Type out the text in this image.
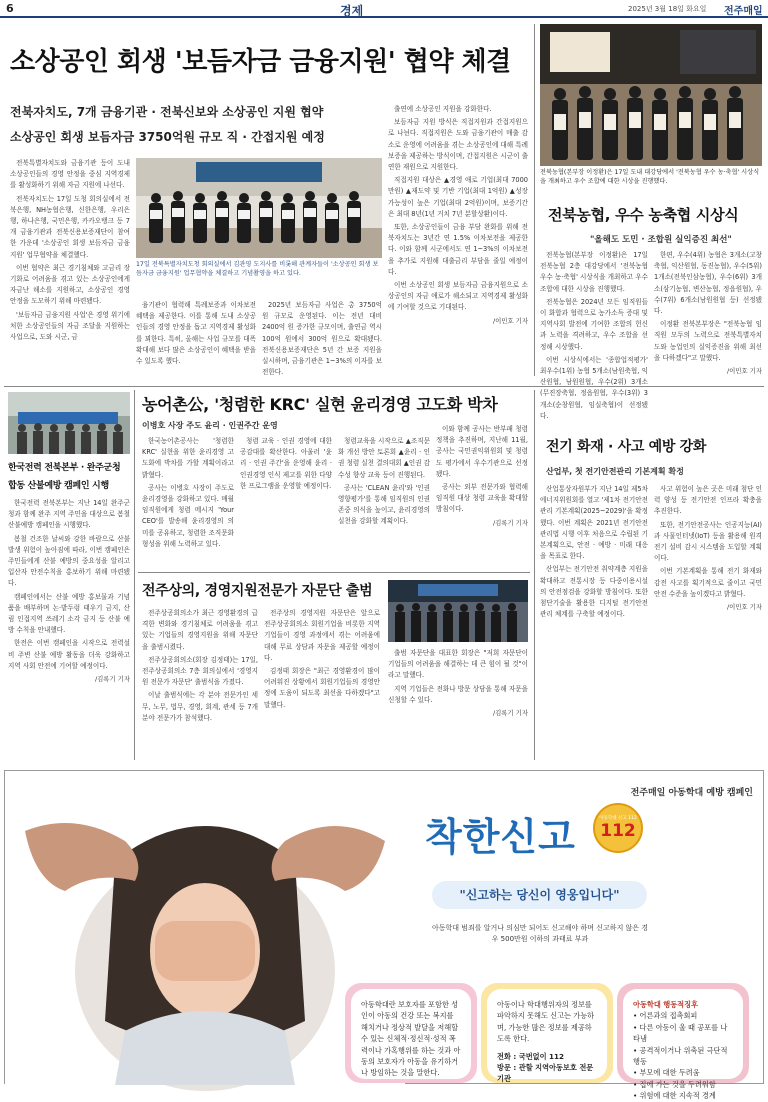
6	경제	2025년 3월 18일 화요일 전주매일
소상공인 회생 '보듬자금 금융지원' 협약 체결
전북자치도, 7개 금융기관 · 전북신보와 소상공인 지원 협약
소상공인 회생 보듬자금 3750억원 규모 직 · 간접지원 예정

전북특별자치도와 금융기관 등이 도내 소상공인들의 경영 안정을 중심 지역경제를 활성화하기 위해 자금 지원에 나선다.

전북자치도는 17일 도청 회의실에서 전북은행, NH농협은행, 신한은행, 우리은행, 하나은행, 국민은행, 카카오뱅크 등 7개 금융기관과 전북신용보증재단이 참여한 가운데 '소상공인 회생 보듬자금 금융지원' 업무협약을 체결했다.

이번 협약은 최근 경기침체와 고금리 장기화로 어려움을 겪고 있는 소상공인에게 자금난 해소를 지원하고, 소상공인 경영 안정을 도모하기 위해 마련됐다.

'보듬자금 금융지원 사업'은 경영 위기에 처한 소상공인들의 자금 조달을 지원하는 사업으로, 도와 시군, 금

17일 전북특별자치도청 회의실에서 김관영 도지사를 비롯해 관계자들이 '소상공인 회생 보듬자금 금융지원' 업무협약을 체결하고 기념촬영을 하고 있다.

융기관이 협력해 특례보증과 이차보전 혜택을 제공한다. 이를 통해 도내 소상공인들의 경영 안정을 돕고 지역경제 활성화를 꾀한다. 특히, 올해는 사업 규모를 대폭 확대해 보다 많은 소상공인이 혜택을 받을 수 있도록 했다.

2025년 보듬자금 사업은 총 3750억 원 규모로 운영된다. 이는 전년 대비 2400억 원 증가한 규모이며, 출연금 역시 100억 원에서 300억 원으로 확대됐다. 전북신용보증재단은 5년 간 보증 지원을 실시하며, 금융기관은 1~3%의 이자를 보전한다.

출연에 소상공인 지원을 강화한다.

보듬자금 지원 방식은 직접지원과 간접지원으로 나뉜다. 직접지원은 도와 금융기관이 매출 감소로 운영에 어려움을 겪는 소상공인에 대해 특례보증을 제공하는 방식이며, 간접지원은 시군이 출연한 재원으로 지원한다.

직접지원 대상은 ▲경영 애로 기업(최대 7000만원) ▲재도약 및 기반 기업(최대 1억원) ▲성장 가능성이 높은 기업(최대 2억원)이며, 보증기간은 최대 8년(1년 거치 7년 분할상환)이다.

또한, 소상공인들이 금융 부담 완화를 위해 전북자치도는 3년간 연 1.5% 이차보전을 제공한다. 이와 함께 시군에서도 연 1~3%의 이차보전을 추가로 지원해 대출금리 부담을 줄일 예정이다.

이번 소상공인 회생 보듬자금 금융지원으로 소상공인의 자금 애로가 해소되고 지역경제 활성화에 기여할 것으로 기대된다.

/이민호 기자
전북농협(본부장 이정환)은 17일 도내 대강당에서 '전북농협 우수 농·축협' 시상식을 개최하고 우수 조합에 대한 시상을 진행했다.
전북농협, 우수 농축협 시상식
"올해도 도민 · 조합원 실익증진 최선"

전북농협(본부장 이정환)은 17일 전북농협 2층 대강당에서 '전북농협 우수 농·축협' 시상식을 개최하고 우수 조합에 대한 시상을 진행했다.

전북농협은 2024년 모든 임직원들이 화합과 협력으로 농가소득 증대 및 지역사회 발전에 기여한 조합의 헌신과 노력을 격려하고, 우수 조합을 선정해 시상했다.

이번 시상식에서는 '종합업적평가' 최우수(1위) 농협 5개소(남원축협, 익산원협, 남원원협, 우수(2위) 3개소(무진장축협, 정읍원협, 우수(3위) 3개소(순창원협, 임실축협)이 선정됐다.

한편, 우수(4위) 농협은 3개소(고창축협, 익산원협, 동진농협), 우수(5위) 1개소(전북인삼농협), 우수(6위) 3개소(삼기농협, 변산농협, 정읍원협), 우수(7위) 6개소(남원원협 등) 선정됐다.

이정환 전북본부장은 "전북농협 임직원 모두의 노력으로 전북특별자치도와 농업인의 실익증진을 위해 최선을 다하겠다"고 말했다.

/이민호 기자
한국전력 전북본부 · 완주군청
합동 산불예방 캠페인 시행

한국전력 전북본부는 지난 14일 완주군청과 함께 완주 지역 주민을 대상으로 봄철 산불예방 캠페인을 시행했다.

봄철 건조한 날씨와 강한 바람으로 산불 발생 위험이 높아짐에 따라, 이번 캠페인은 주민들에게 산불 예방의 중요성을 알리고 입산자 안전수칙을 홍보하기 위해 마련됐다.

캠페인에서는 산불 예방 홍보물과 기념품을 배부하며 논·밭두렁 태우기 금지, 산림 인접지역 쓰레기 소각 금지 등 산불 예방 수칙을 안내했다.

한전은 이번 캠페인을 시작으로 전력설비 주변 산불 예방 활동을 더욱 강화하고 지역 사회 안전에 기여할 예정이다.

/김록기 기자
농어촌公, '청렴한 KRC' 실현 윤리경영 고도화 박차
이병호 사장 주도 윤리 · 인권주간 운영

한국농어촌공사는 '청렴한 KRC' 실현을 위한 윤리경영 고도화에 박차를 가할 계획이라고 밝혔다.

공사는 이병호 사장이 주도로 윤리경영을 강화하고 있다. 매월 임직원에게 청렴 메시지 'Your CEO'를 발송해 윤리경영의 의미를 공유하고, 청렴한 조직문화 형성을 위해 노력하고 있다.

청렴 교육 · 인권 경영에 대한 공감대를 확산한다. 아울러 '윤리 · 인권 주간'을 운영해 윤리 · 인권경영 인식 제고를 위한 다양한 프로그램을 운영할 예정이다.

청렴교육을 시작으로 ▲조직문화 개선 방안 토론회 ▲윤리 · 인권 청렴 실천 결의대회 ▲인권 감수성 향상 교육 등이 진행된다.

공사는 'CLEAN 윤리'와 '인권 영향평가'를 통해 임직원의 인권 존중 의식을 높이고, 윤리경영의 실천을 강화할 계획이다.

이와 함께 공사는 반부패 청렴 정책을 추진하며, 지난해 11월, 공사는 국민권익위원회 및 청렴도 평가에서 우수기관으로 선정됐다.

공사는 외부 전문가와 협력해 임직원 대상 청렴 교육을 확대할 방침이다.

/김록기 기자
전주상의, 경영지원전문가 자문단 출범

전주상공회의소가 최근 경영환경의 급격한 변화와 경기침체로 어려움을 겪고 있는 기업들의 경영지원을 위해 자문단을 출범시켰다.

전주상공회의소(회장 김정태)는 17일, 전주상공회의소 7층 회의실에서 '경영지원 전문가 자문단' 출범식을 가졌다.

이날 출범식에는 각 분야 전문가인 세무, 노무, 법무, 경영, 회계, 관세 등 7개 분야 전문가가 참석했다.

전주상의 경영지원 자문단은 앞으로 전주상공회의소 회원기업을 비롯한 지역 기업들이 경영 과정에서 겪는 어려움에 대해 무료 상담과 자문을 제공할 예정이다.

김정태 회장은 "최근 경영환경이 많이 어려워진 상황에서 회원기업들의 경영안정에 도움이 되도록 최선을 다하겠다"고 말했다.

출범 자문단을 대표한 회장은 "저희 자문단이 기업들의 어려움을 해결하는 데 큰 힘이 될 것"이라고 말했다.

지역 기업들은 전화나 방문 상담을 통해 자문을 신청할 수 있다.

/김록기 기자
전기 화재 · 사고 예방 강화
산업부, 첫 전기안전관리 기본계획 확정

산업통상자원부가 지난 14일 제5차 에너지위원회를 열고 '제1차 전기안전관리 기본계획(2025~2029)'을 확정했다. 이번 계획은 2021년 전기안전관리법 시행 이후 처음으로 수립된 기본계획으로, 안전 · 예방 · 미래 대응을 목표로 한다.

산업부는 전기안전 취약계층 지원을 확대하고 전통시장 등 다중이용시설의 안전점검을 강화할 방침이다. 또한 첨단기술을 활용한 디지털 전기안전관리 체계를 구축할 예정이다.

사고 위험이 높은 곳은 미래 첨단 인력 양성 등 전기안전 인프라 확충을 추진한다.

또한, 전기안전공사는 인공지능(AI)과 사물인터넷(IoT) 등을 활용해 원격 전기 설비 감시 시스템을 도입할 계획이다.

이번 기본계획을 통해 전기 화재와 감전 사고를 획기적으로 줄이고 국민 안전 수준을 높이겠다고 밝혔다.

/이민호 기자
전주매일 아동학대 예방 캠페인
착한신고	아동학대 신고 112
112
"신고하는 당신이 영웅입니다"
아동학대 범죄를 알거나 의심만 되어도 신고해야 하며 신고하지 않은 경우 500만원 이하의 과태료 부과
아동학대란 보호자를 포함한 성인이 아동의 건강 또는 복지를 해치거나 정상적 발달을 저해할 수 있는 신체적·정신적·성적 폭력이나 가혹행위를 하는 것과 아동의 보호자가 아동을 유기하거나 방임하는 것을 말한다.
아동이나 학대행위자의 정보를 파악하지 못해도 신고는 가능하며, 가능한 많은 정보를 제공하도록 한다.
전화 : 국번없이 112
방문 : 관할 지역아동보호 전문기관
아동학대 행동적징후
• 어른과의 접촉회피
• 다른 아동이 울 때 공포를 나타냄
• 공격적이거나 위축된 극단적 행동
• 부모에 대한 두려움
• 집에 가는 것을 두려워함
• 위험에 대한 지속적 경계
